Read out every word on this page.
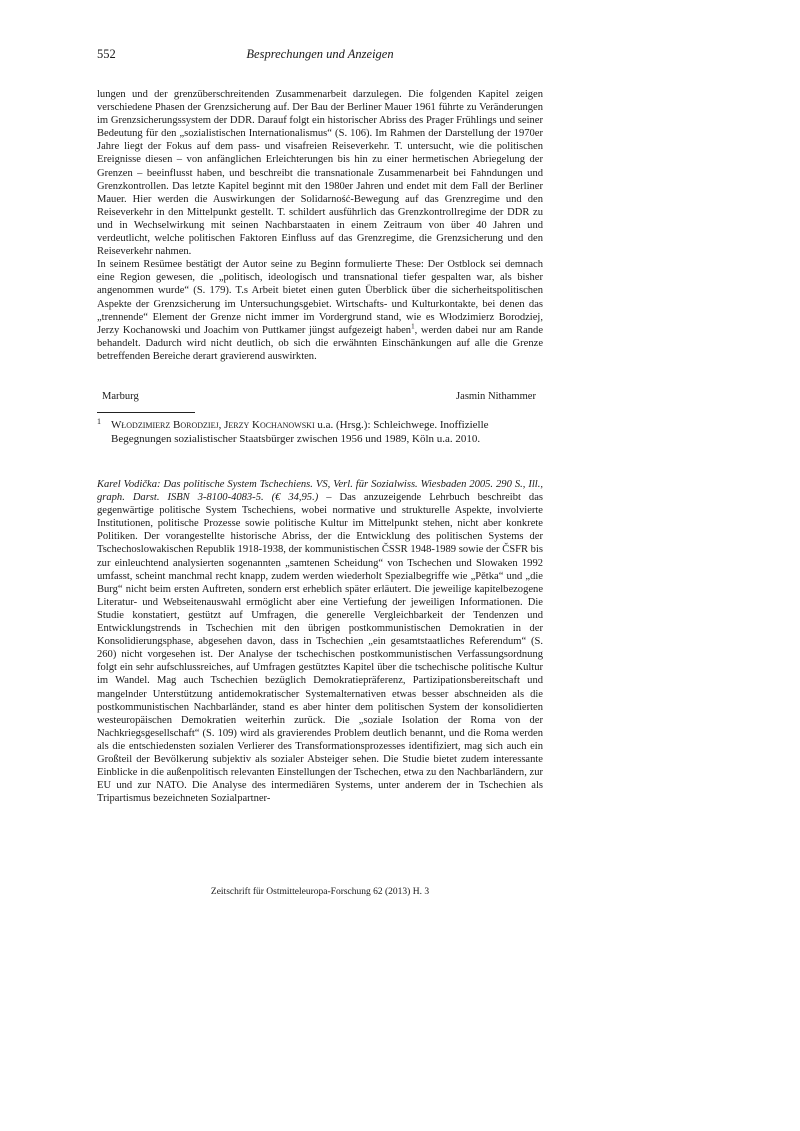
552	Besprechungen und Anzeigen

lungen und der grenzüberschreitenden Zusammenarbeit darzulegen. Die folgenden Kapitel zeigen verschiedene Phasen der Grenzsicherung auf. Der Bau der Berliner Mauer 1961 führte zu Veränderungen im Grenzsicherungssystem der DDR. Darauf folgt ein historischer Abriss des Prager Frühlings und seiner Bedeutung für den „sozialistischen Internationalismus“ (S. 106). Im Rahmen der Darstellung der 1970er Jahre liegt der Fokus auf dem pass- und visafreien Reiseverkehr. T. untersucht, wie die politischen Ereignisse diesen – von anfänglichen Erleichterungen bis hin zu einer hermetischen Abriegelung der Grenzen – beeinflusst haben, und beschreibt die transnationale Zusammenarbeit bei Fahndungen und Grenzkontrollen. Das letzte Kapitel beginnt mit den 1980er Jahren und endet mit dem Fall der Berliner Mauer. Hier werden die Auswirkungen der Solidarność-Bewegung auf das Grenzregime und den Reiseverkehr in den Mittelpunkt gestellt. T. schildert ausführlich das Grenzkontrollregime der DDR zu und in Wechselwirkung mit seinen Nachbarstaaten in einem Zeitraum von über 40 Jahren und verdeutlicht, welche politischen Faktoren Einfluss auf das Grenzregime, die Grenzsicherung und den Reiseverkehr nahmen.

In seinem Resümee bestätigt der Autor seine zu Beginn formulierte These: Der Ostblock sei demnach eine Region gewesen, die „politisch, ideologisch und transnational tiefer gespalten war, als bisher angenommen wurde“ (S. 179). T.s Arbeit bietet einen guten Überblick über die sicherheitspolitischen Aspekte der Grenzsicherung im Untersuchungsgebiet. Wirtschafts- und Kulturkontakte, bei denen das „trennende“ Element der Grenze nicht immer im Vordergrund stand, wie es Włodzimierz Borodziej, Jerzy Kochanowski und Joachim von Puttkamer jüngst aufgezeigt haben$^1$, werden dabei nur am Rande behandelt. Dadurch wird nicht deutlich, ob sich die erwähnten Einschänkungen auf alle die Grenze betreffenden Bereiche derart gravierend auswirkten.

Marburg	Jasmin Nithammer
1 Włodzimierz Borodziej, Jerzy Kochanowski u.a. (Hrsg.): Schleichwege. Inoffizielle Begegnungen sozialistischer Staatsbürger zwischen 1956 und 1989, Köln u.a. 2010.

Karel Vodička: Das politische System Tschechiens. VS, Verl. für Sozialwiss. Wiesbaden 2005. 290 S., Ill., graph. Darst. ISBN 3-8100-4083-5. (€ 34,95.) – Das anzuzeigende Lehrbuch beschreibt das gegenwärtige politische System Tschechiens, wobei normative und strukturelle Aspekte, involvierte Institutionen, politische Prozesse sowie politische Kultur im Mittelpunkt stehen, nicht aber konkrete Politiken. Der vorangestellte historische Abriss, der die Entwicklung des politischen Systems der Tschechoslowakischen Republik 1918-1938, der kommunistischen ČSSR 1948-1989 sowie der ČSFR bis zur einleuchtend analysierten sogenannten „samtenen Scheidung“ von Tschechen und Slowaken 1992 umfasst, scheint manchmal recht knapp, zudem werden wiederholt Spezialbegriffe wie „Pětka“ und „die Burg“ nicht beim ersten Auftreten, sondern erst erheblich später erläutert. Die jeweilige kapitelbezogene Literatur- und Webseitenauswahl ermöglicht aber eine Vertiefung der jeweiligen Informationen. Die Studie konstatiert, gestützt auf Umfragen, die generelle Vergleichbarkeit der Tendenzen und Entwicklungstrends in Tschechien mit den übrigen postkommunistischen Demokratien in der Konsolidierungsphase, abgesehen davon, dass in Tschechien „ein gesamtstaatliches Referendum“ (S. 260) nicht vorgesehen ist. Der Analyse der tschechischen postkommunistischen Verfassungsordnung folgt ein sehr aufschlussreiches, auf Umfragen gestütztes Kapitel über die tschechische politische Kultur im Wandel. Mag auch Tschechien bezüglich Demokratiepräferenz, Partizipationsbereitschaft und mangelnder Unterstützung antidemokratischer Systemalternativen etwas besser abschneiden als die postkommunistischen Nachbarländer, stand es aber hinter dem politischen System der konsolidierten westeuropäischen Demokratien weiterhin zurück. Die „soziale Isolation der Roma von der Nachkriegsgesellschaft“ (S. 109) wird als gravierendes Problem deutlich benannt, und die Roma werden als die entschiedensten sozialen Verlierer des Transformationsprozesses identifiziert, mag sich auch ein Großteil der Bevölkerung subjektiv als sozialer Absteiger sehen. Die Studie bietet zudem interessante Einblicke in die außenpolitisch relevanten Einstellungen der Tschechen, etwa zu den Nachbarländern, zur EU und zur NATO. Die Analyse des intermediären Systems, unter anderem der in Tschechien als Tripartismus bezeichneten Sozialpartner-

Zeitschrift für Ostmitteleuropa-Forschung 62 (2013) H. 3
